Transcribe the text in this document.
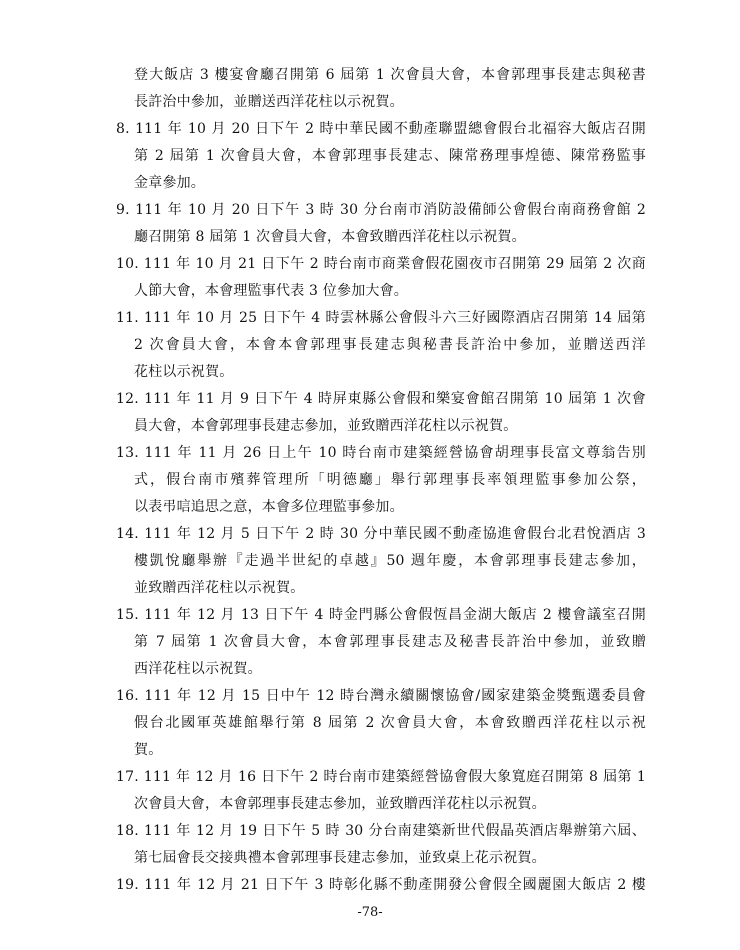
登大飯店 3 樓宴會廳召開第 6 屆第 1 次會員大會，本會郭理事長建志與秘書
長許治中參加，並贈送西洋花柱以示祝賀。
8. 111 年 10 月 20 日下午 2 時中華民國不動產聯盟總會假台北福容大飯店召開
第 2 屆第 1 次會員大會，本會郭理事長建志、陳常務理事煌德、陳常務監事
金章參加。
9. 111 年 10 月 20 日下午 3 時 30 分台南市消防設備師公會假台南商務會館 2
廳召開第 8 屆第 1 次會員大會，本會致贈西洋花柱以示祝賀。
10. 111 年 10 月 21 日下午 2 時台南市商業會假花園夜市召開第 29 屆第 2 次商
人節大會，本會理監事代表 3 位參加大會。
11. 111 年 10 月 25 日下午 4 時雲林縣公會假斗六三好國際酒店召開第 14 屆第
2 次會員大會，本會本會郭理事長建志與秘書長許治中參加，並贈送西洋
花柱以示祝賀。
12. 111 年 11 月 9 日下午 4 時屏東縣公會假和樂宴會館召開第 10 屆第 1 次會
員大會，本會郭理事長建志參加，並致贈西洋花柱以示祝賀。
13. 111 年 11 月 26 日上午 10 時台南市建築經營協會胡理事長富文尊翁告別
式，假台南市殯葬管理所「明德廳」舉行郭理事長率領理監事參加公祭，
以表弔唁追思之意，本會多位理監事參加。
14. 111 年 12 月 5 日下午 2 時 30 分中華民國不動產協進會假台北君悅酒店 3
樓凱悅廳舉辦『走過半世紀的卓越』50 週年慶，本會郭理事長建志參加，
並致贈西洋花柱以示祝賀。
15. 111 年 12 月 13 日下午 4 時金門縣公會假恆昌金湖大飯店 2 樓會議室召開
第 7 屆第 1 次會員大會，本會郭理事長建志及秘書長許治中參加，並致贈
西洋花柱以示祝賀。
16. 111 年 12 月 15 日中午 12 時台灣永續關懷協會/國家建築金獎甄選委員會
假台北國軍英雄館舉行第 8 屆第 2 次會員大會，本會致贈西洋花柱以示祝
賀。
17. 111 年 12 月 16 日下午 2 時台南市建築經營協會假大象寬庭召開第 8 屆第 1
次會員大會，本會郭理事長建志參加，並致贈西洋花柱以示祝賀。
18. 111 年 12 月 19 日下午 5 時 30 分台南建築新世代假晶英酒店舉辦第六屆、
第七屆會長交接典禮本會郭理事長建志參加，並致桌上花示祝賀。
19. 111 年 12 月 21 日下午 3 時彰化縣不動產開發公會假全國麗園大飯店 2 樓
-78-
